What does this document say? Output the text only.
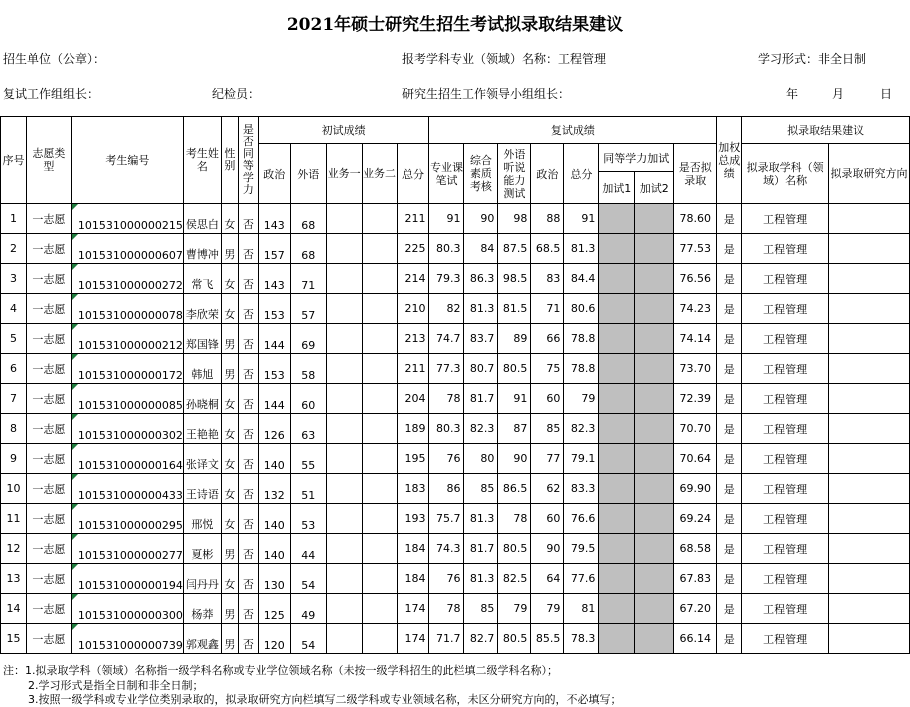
2021年硕士研究生招生考试拟录取结果建议
招生单位（公章）：	报考学科专业（领域）名称：工程管理	学习形式：非全日制
复试工作组组长：	纪检员：	研究生招生工作领导小组组长：	年	月	日
序号	志愿类型	考生编号	考生姓名	性别	是否同等学力	初试成绩					复试成绩								加权总成绩	拟录取结果建议	
						政治	外语	业务一	业务二	总分	专业课笔试	综合素质考核	外语听说能力测试	政治	总分	同等学力加试		是否拟录取		拟录取学科（领域）名称	拟录取研究方向
																加试1	加试2				
1	一志愿	101531000000215	侯思白	女	否	143	68			211	91	90	98	88	91			78.60	是	工程管理	
2	一志愿	101531000000607	曹博冲	男	否	157	68			225	80.3	84	87.5	68.5	81.3			77.53	是	工程管理	
3	一志愿	101531000000272	常飞	女	否	143	71			214	79.3	86.3	98.5	83	84.4			76.56	是	工程管理	
4	一志愿	101531000000078	李欣荣	女	否	153	57			210	82	81.3	81.5	71	80.6			74.23	是	工程管理	
5	一志愿	101531000000212	郑国锋	男	否	144	69			213	74.7	83.7	89	66	78.8			74.14	是	工程管理	
6	一志愿	101531000000172	韩旭	男	否	153	58			211	77.3	80.7	80.5	75	78.8			73.70	是	工程管理	
7	一志愿	101531000000085	孙晓桐	女	否	144	60			204	78	81.7	91	60	79			72.39	是	工程管理	
8	一志愿	101531000000302	王艳艳	女	否	126	63			189	80.3	82.3	87	85	82.3			70.70	是	工程管理	
9	一志愿	101531000000164	张译文	女	否	140	55			195	76	80	90	77	79.1			70.64	是	工程管理	
10	一志愿	101531000000433	王诗语	女	否	132	51			183	86	85	86.5	62	83.3			69.90	是	工程管理	
11	一志愿	101531000000295	邢悦	女	否	140	53			193	75.7	81.3	78	60	76.6			69.24	是	工程管理	
12	一志愿	101531000000277	夏彬	男	否	140	44			184	74.3	81.7	80.5	90	79.5			68.58	是	工程管理	
13	一志愿	101531000000194	闫丹丹	女	否	130	54			184	76	81.3	82.5	64	77.6			67.83	是	工程管理	
14	一志愿	101531000000300	杨莽	男	否	125	49			174	78	85	79	79	81			67.20	是	工程管理	
15	一志愿	101531000000739	郭观鑫	男	否	120	54			174	71.7	82.7	80.5	85.5	78.3			66.14	是	工程管理	
注：1.拟录取学科（领域）名称指一级学科名称或专业学位领域名称（未按一级学科招生的此栏填二级学科名称）；
2.学习形式是指全日制和非全日制；
3.按照一级学科或专业学位类别录取的，拟录取研究方向栏填写二级学科或专业领域名称，未区分研究方向的，不必填写；
